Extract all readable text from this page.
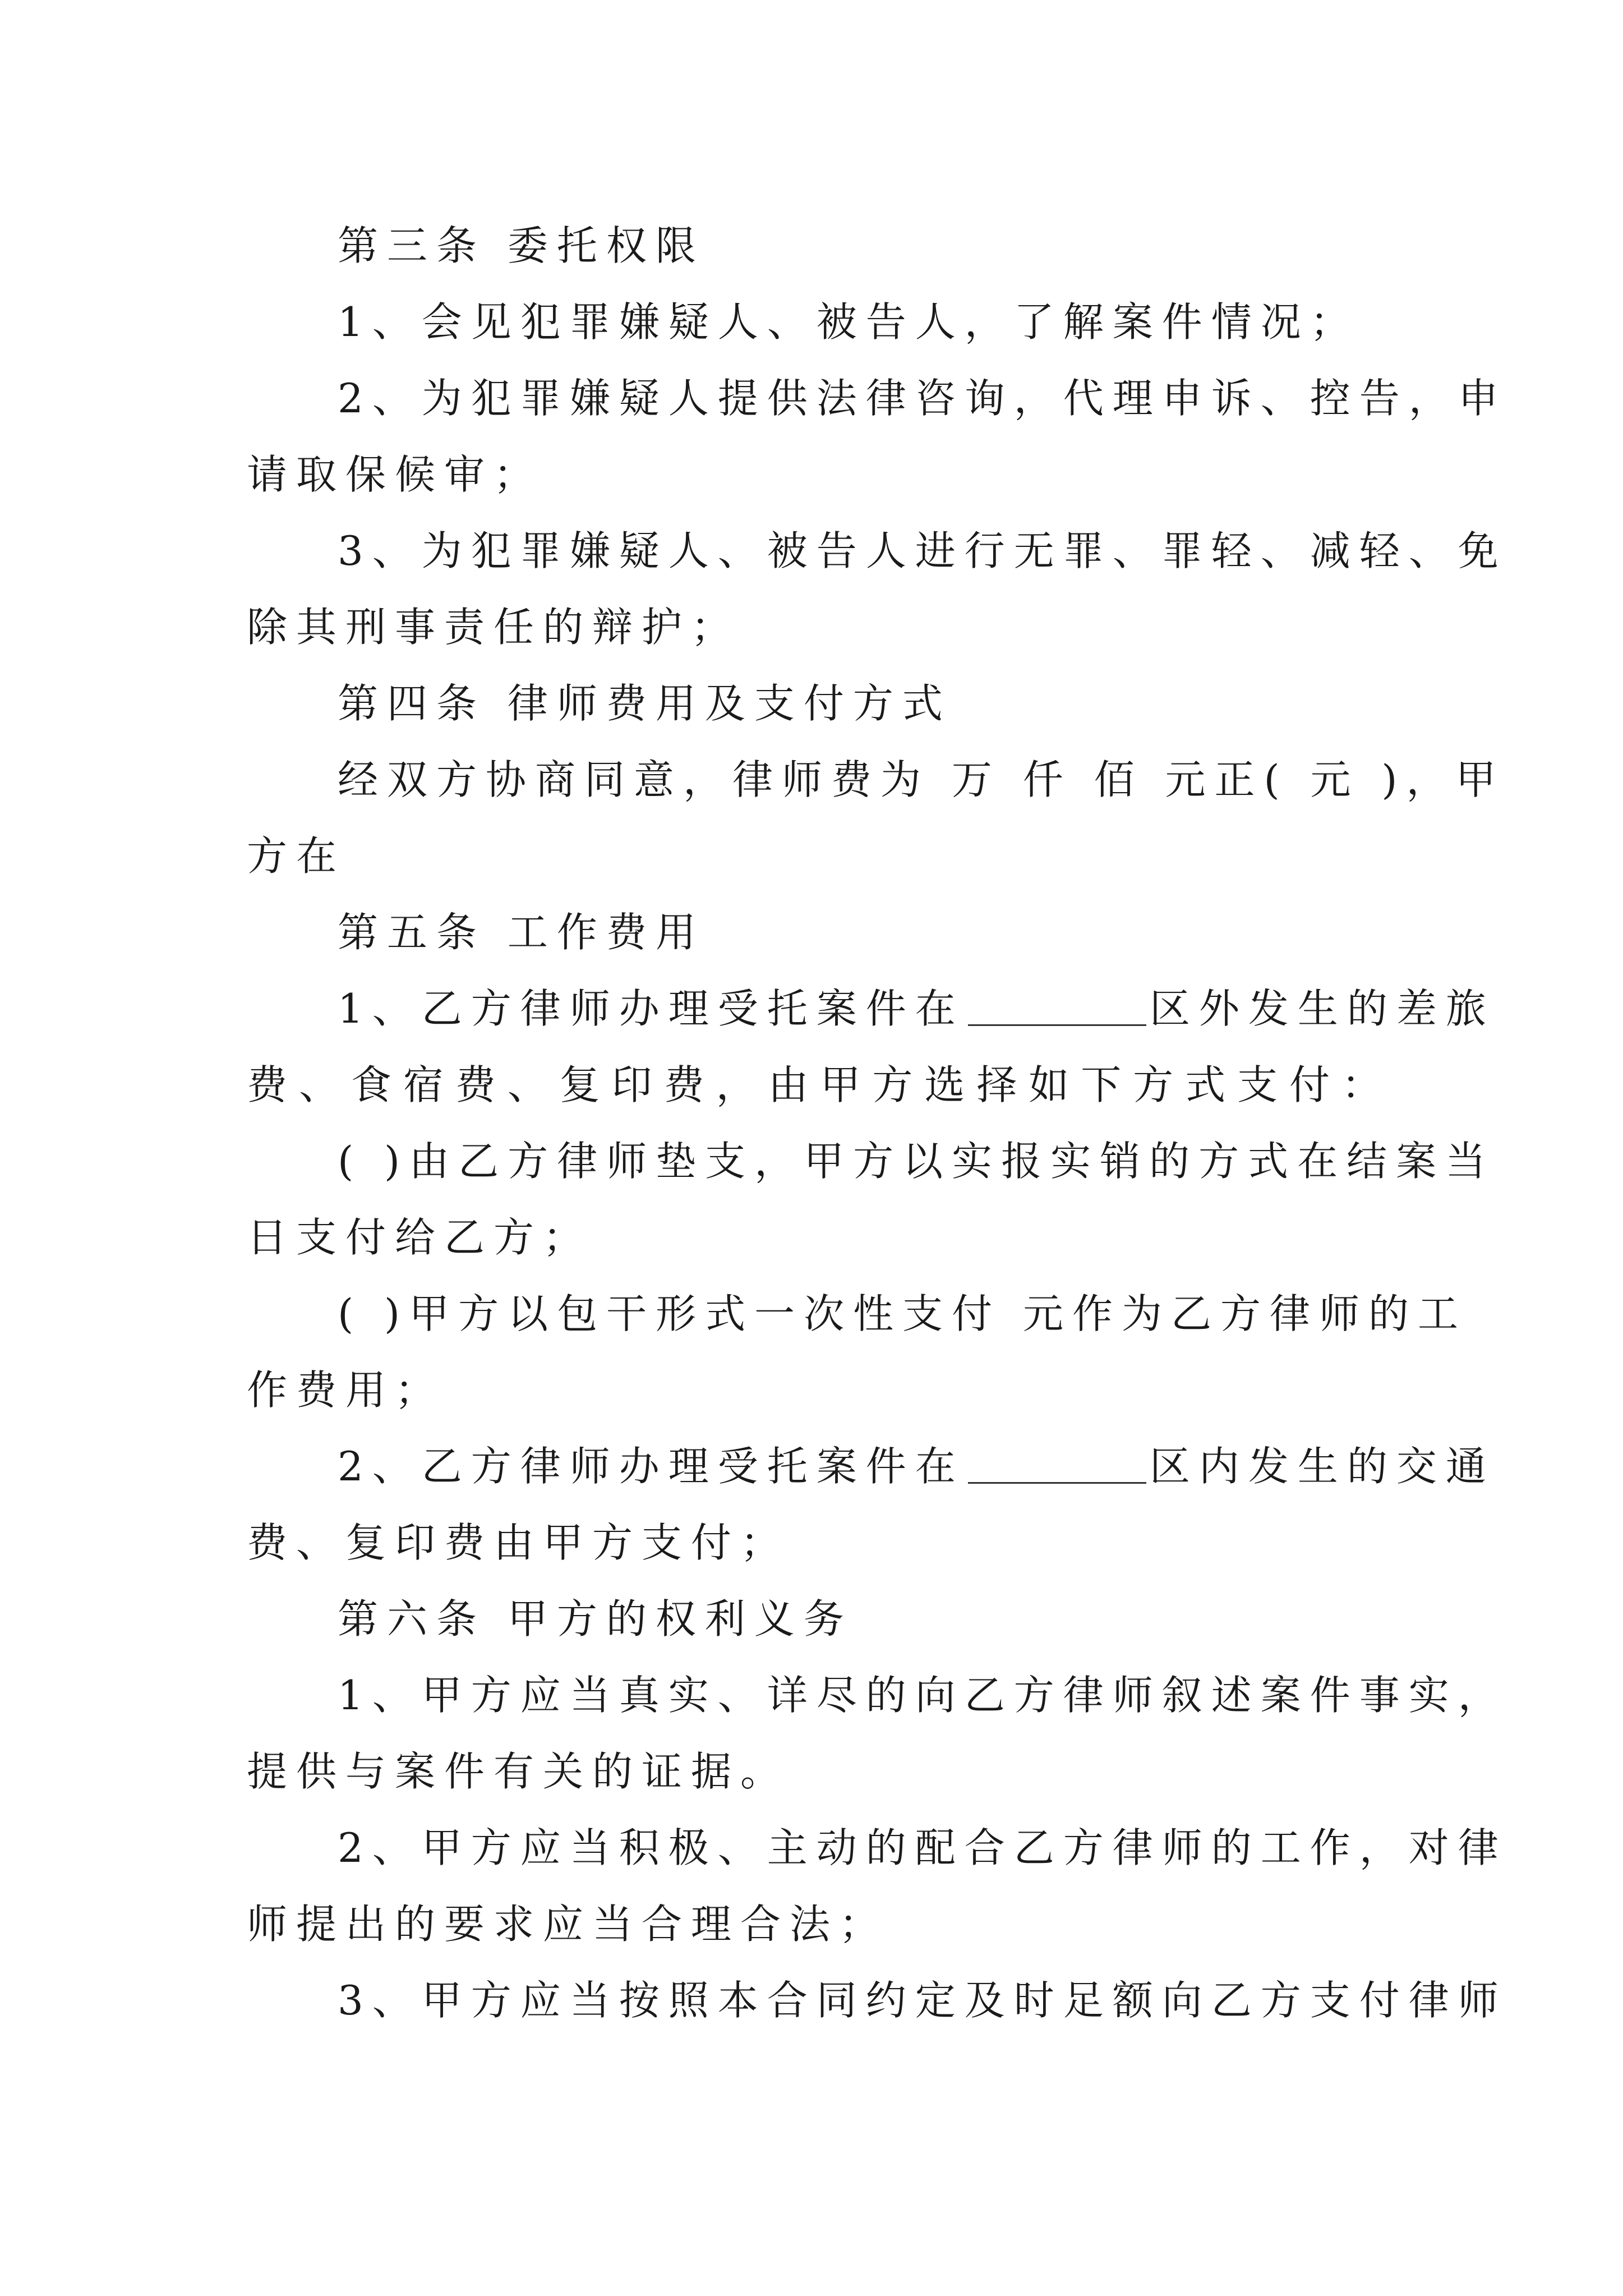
第三条 委托权限
1、会见犯罪嫌疑人、被告人，了解案件情况；
2、为犯罪嫌疑人提供法律咨询，代理申诉、控告，申
请取保候审；
3、为犯罪嫌疑人、被告人进行无罪、罪轻、减轻、免
除其刑事责任的辩护；
第四条 律师费用及支付方式
经双方协商同意，律师费为 万 仟 佰 元正( 元 )，甲
方在
第五条 工作费用
1、乙方律师办理受托案件在	区外发生的差旅
费、食宿费、复印费，由甲方选择如下方式支付：
( )由乙方律师垫支，甲方以实报实销的方式在结案当
日支付给乙方；
( )甲方以包干形式一次性支付 元作为乙方律师的工
作费用；
2、乙方律师办理受托案件在	区内发生的交通
费、复印费由甲方支付；
第六条 甲方的权利义务
1、甲方应当真实、详尽的向乙方律师叙述案件事实，
提供与案件有关的证据。
2、甲方应当积极、主动的配合乙方律师的工作，对律
师提出的要求应当合理合法；
3、甲方应当按照本合同约定及时足额向乙方支付律师
